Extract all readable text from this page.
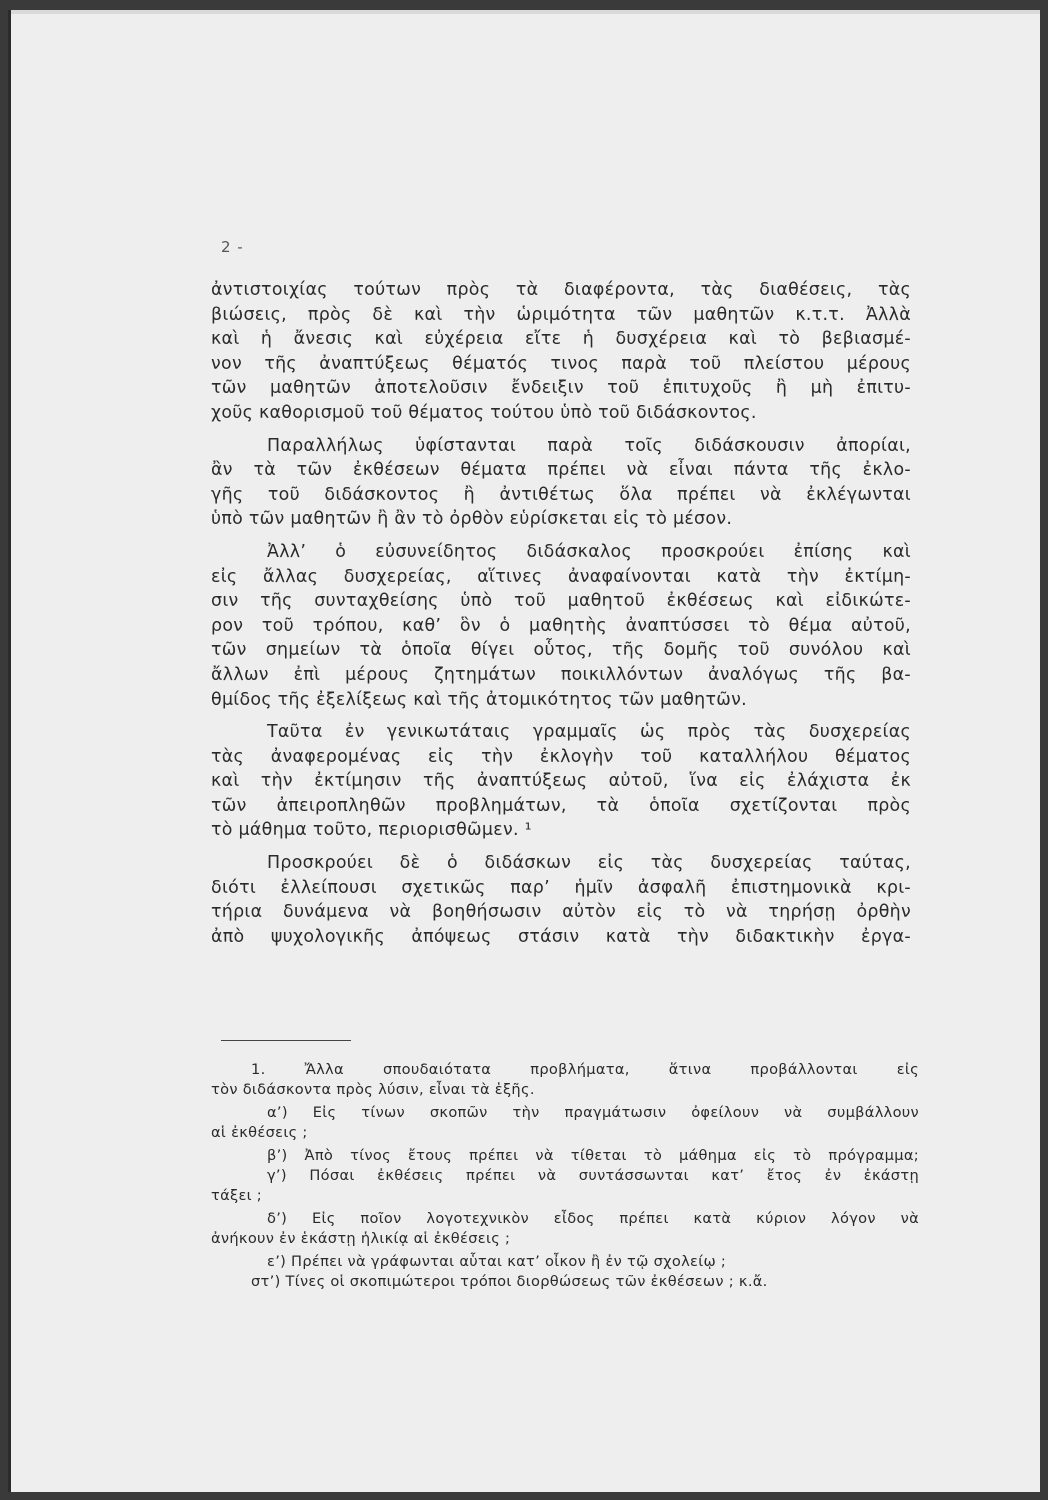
2 -
ἀντιστοιχίας τούτων πρὸς τὰ διαφέροντα, τὰς διαθέσεις, τὰς
βιώσεις, πρὸς δὲ καὶ τὴν ὡριμότητα τῶν μαθητῶν κ.τ.τ. Ἀλλὰ
καὶ ἡ ἄνεσις καὶ εὐχέρεια εἴτε ἡ δυσχέρεια καὶ τὸ βεβιασμέ-
νον τῆς ἀναπτύξεως θέματός τινος παρὰ τοῦ πλείστου μέρους
τῶν μαθητῶν ἀποτελοῦσιν ἔνδειξιν τοῦ ἐπιτυχοῦς ἢ μὴ ἐπιτυ-
χοῦς καθορισμοῦ τοῦ θέματος τούτου ὑπὸ τοῦ διδάσκοντος.
Παραλλήλως ὑφίστανται παρὰ τοῖς διδάσκουσιν ἀπορίαι,
ἂν τὰ τῶν ἐκθέσεων θέματα πρέπει νὰ εἶναι πάντα τῆς ἐκλο-
γῆς τοῦ διδάσκοντος ἢ ἀντιθέτως ὅλα πρέπει νὰ ἐκλέγωνται
ὑπὸ τῶν μαθητῶν ἢ ἂν τὸ ὀρθὸν εὑρίσκεται εἰς τὸ μέσον.
Ἀλλ’ ὁ εὐσυνείδητος διδάσκαλος προσκρούει ἐπίσης καὶ
εἰς ἄλλας δυσχερείας, αἵτινες ἀναφαίνονται κατὰ τὴν ἐκτίμη-
σιν τῆς συνταχθείσης ὑπὸ τοῦ μαθητοῦ ἐκθέσεως καὶ εἰδικώτε-
ρον τοῦ τρόπου, καθ’ ὃν ὁ μαθητὴς ἀναπτύσσει τὸ θέμα αὐτοῦ,
τῶν σημείων τὰ ὁποῖα θίγει οὗτος, τῆς δομῆς τοῦ συνόλου καὶ
ἄλλων ἐπὶ μέρους ζητημάτων ποικιλλόντων ἀναλόγως τῆς βα-
θμίδος τῆς ἐξελίξεως καὶ τῆς ἀτομικότητος τῶν μαθητῶν.
Ταῦτα ἐν γενικωτάταις γραμμαῖς ὡς πρὸς τὰς δυσχερείας
τὰς ἀναφερομένας εἰς τὴν ἐκλογὴν τοῦ καταλλήλου θέματος
καὶ τὴν ἐκτίμησιν τῆς ἀναπτύξεως αὐτοῦ, ἵνα εἰς ἐλάχιστα ἐκ
τῶν ἀπειροπληθῶν προβλημάτων, τὰ ὁποῖα σχετίζονται πρὸς
τὸ μάθημα τοῦτο, περιορισθῶμεν. ¹
Προσκρούει δὲ ὁ διδάσκων εἰς τὰς δυσχερείας ταύτας,
διότι ἐλλείπουσι σχετικῶς παρ’ ἡμῖν ἀσφαλῆ ἐπιστημονικὰ κρι-
τήρια δυνάμενα νὰ βοηθήσωσιν αὐτὸν εἰς τὸ νὰ τηρήσῃ ὀρθὴν
ἀπὸ ψυχολογικῆς ἀπόψεως στάσιν κατὰ τὴν διδακτικὴν ἐργα-
1. Ἄλλα σπουδαιότατα προβλήματα, ἅτινα προβάλλονται εἰς
τὸν διδάσκοντα πρὸς λύσιν, εἶναι τὰ ἑξῆς.
α’) Εἰς τίνων σκοπῶν τὴν πραγμάτωσιν ὀφείλουν νὰ συμβάλλουν
αἱ ἐκθέσεις ;
β’) Ἀπὸ τίνος ἔτους πρέπει νὰ τίθεται τὸ μάθημα εἰς τὸ πρόγραμμα;
γ’) Πόσαι ἐκθέσεις πρέπει νὰ συντάσσωνται κατ’ ἔτος ἐν ἑκάστῃ
τάξει ;
δ’) Εἰς ποῖον λογοτεχνικὸν εἶδος πρέπει κατὰ κύριον λόγον νὰ
ἀνήκουν ἐν ἑκάστῃ ἡλικίᾳ αἱ ἐκθέσεις ;
ε’) Πρέπει νὰ γράφωνται αὗται κατ’ οἶκον ἢ ἐν τῷ σχολείῳ ;
στ’) Τίνες οἱ σκοπιμώτεροι τρόποι διορθώσεως τῶν ἐκθέσεων ; κ.ἄ.
